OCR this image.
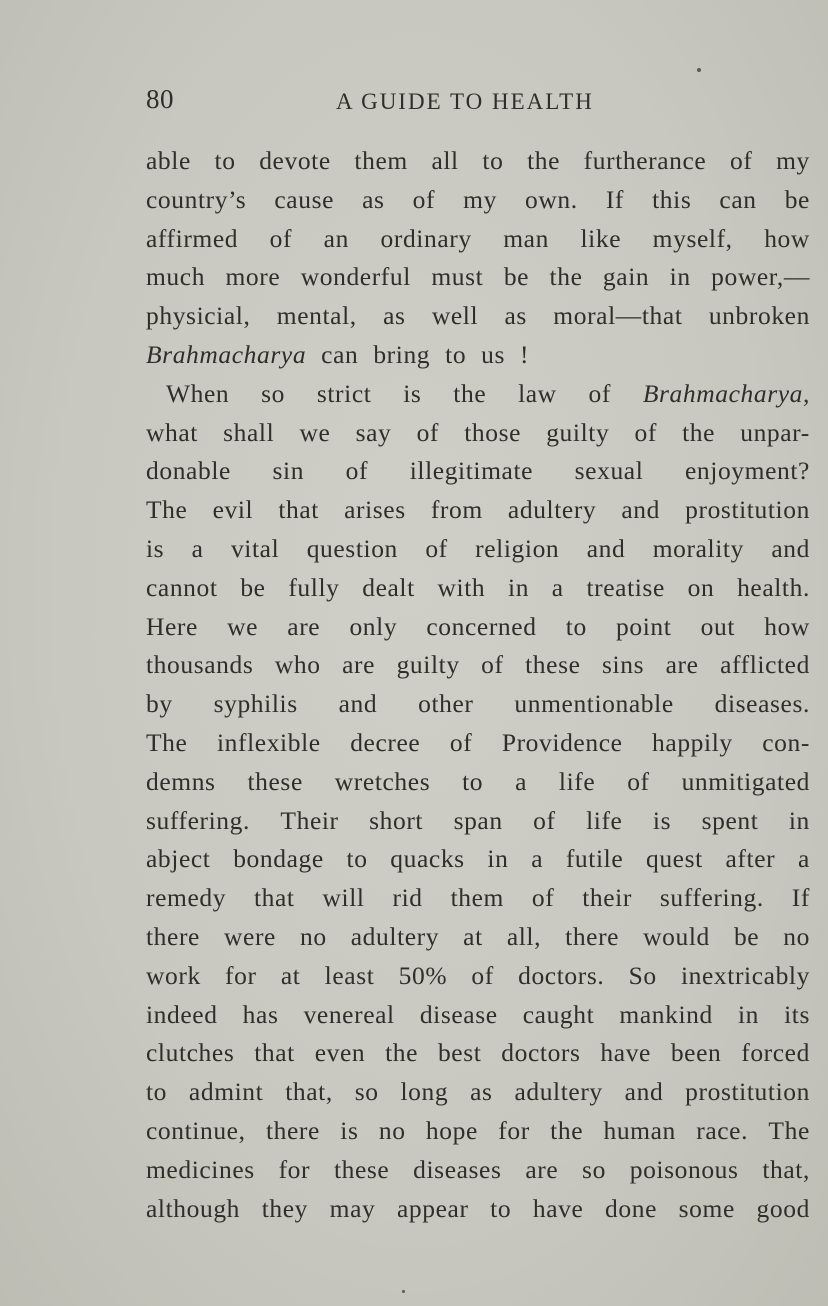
80	A GUIDE TO HEALTH
able to devote them all to the furtherance of my
country’s cause as of my own. If this can be
affirmed of an ordinary man like myself, how
much more wonderful must be the gain in power,—
physicial, mental, as well as moral—that unbroken
Brahmacharya can bring to us !
When so strict is the law of Brahmacharya,
what shall we say of those guilty of the unpar-
donable sin of illegitimate sexual enjoyment?
The evil that arises from adultery and prostitution
is a vital question of religion and morality and
cannot be fully dealt with in a treatise on health.
Here we are only concerned to point out how
thousands who are guilty of these sins are afflicted
by syphilis and other unmentionable diseases.
The inflexible decree of Providence happily con-
demns these wretches to a life of unmitigated
suffering. Their short span of life is spent in
abject bondage to quacks in a futile quest after a
remedy that will rid them of their suffering. If
there were no adultery at all, there would be no
work for at least 50% of doctors. So inextricably
indeed has venereal disease caught mankind in its
clutches that even the best doctors have been forced
to admint that, so long as adultery and prostitution
continue, there is no hope for the human race. The
medicines for these diseases are so poisonous that,
although they may appear to have done some good
